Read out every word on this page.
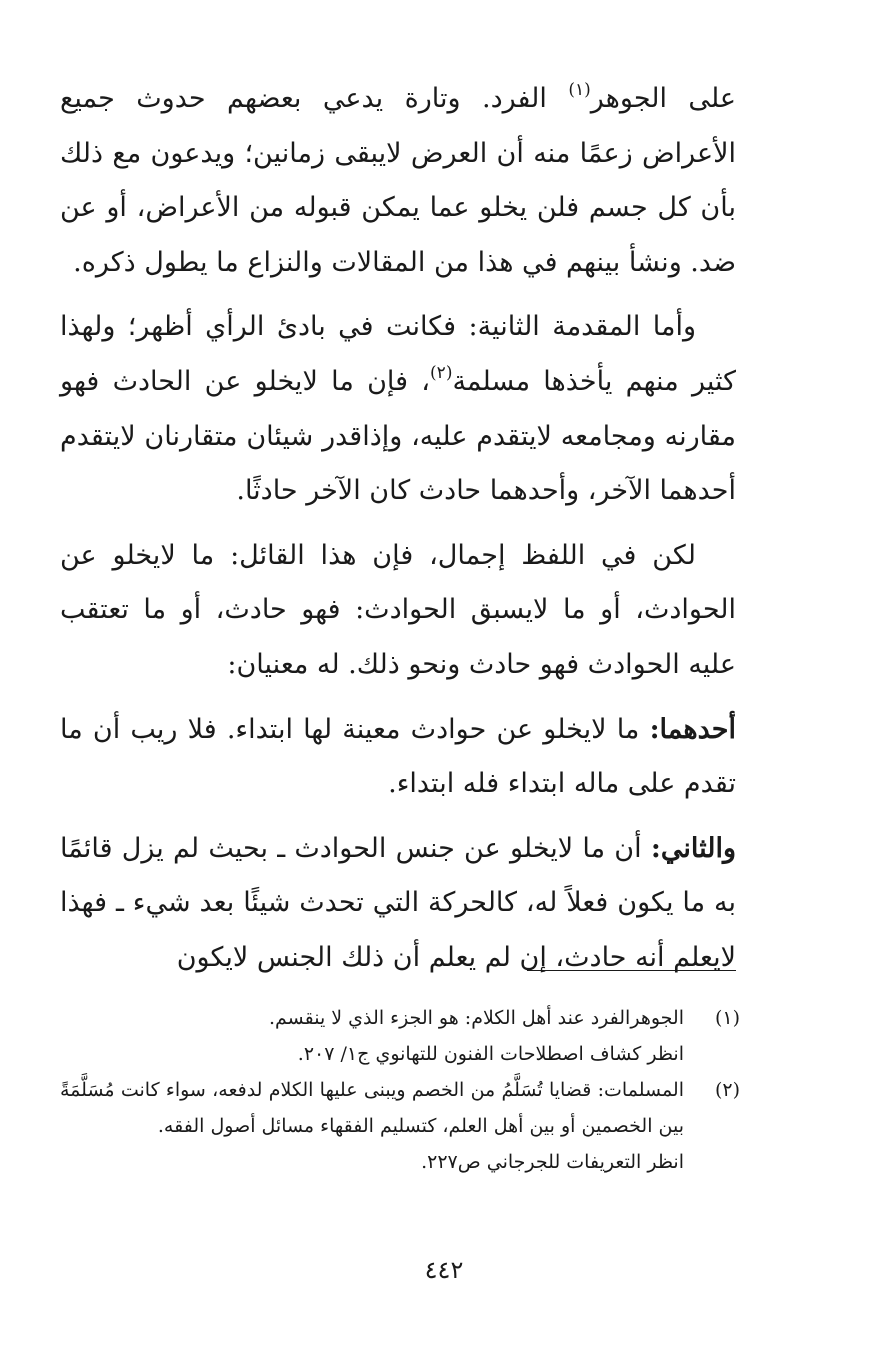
على الجوهر$^{(١)}$ الفرد. وتارة يدعي بعضهم حدوث جميع الأعراض زعمًا منه أن العرض لايبقى زمانين؛ ويدعون مع ذلك بأن كل جسم فلن يخلو عما يمكن قبوله من الأعراض، أو عن ضد. ونشأ بينهم في هذا من المقالات والنزاع ما يطول ذكره.

وأما المقدمة الثانية: فكانت في بادئ الرأي أظهر؛ ولهذا كثير منهم يأخذها مسلمة$^{(٢)}$، فإن ما لايخلو عن الحادث فهو مقارنه ومجامعه لايتقدم عليه، وإذاقدر شيئان متقارنان لايتقدم أحدهما الآخر، وأحدهما حادث كان الآخر حادثًا.

لكن في اللفظ إجمال، فإن هذا القائل: ما لايخلو عن الحوادث، أو ما لايسبق الحوادث: فهو حادث، أو ما تعتقب عليه الحوادث فهو حادث ونحو ذلك. له معنيان:

أحدهما: ما لايخلو عن حوادث معينة لها ابتداء. فلا ريب أن ما تقدم على ماله ابتداء فله ابتداء.

والثاني: أن ما لايخلو عن جنس الحوادث ـ بحيث لم يزل قائمًا به ما يكون فعلاً له، كالحركة التي تحدث شيئًا بعد شيء ـ فهذا لايعلم أنه حادث، إن لم يعلم أن ذلك الجنس لايكون

(١)
الجوهرالفرد عند أهل الكلام: هو الجزء الذي لا ينقسم.
انظر كشاف اصطلاحات الفنون للتهانوي ج١/ ٢٠٧.
(٢)
المسلمات: قضايا تُسَلَّمُ من الخصم ويبنى عليها الكلام لدفعه، سواء كانت مُسَلَّمَةً بين الخصمين أو بين أهل العلم، كتسليم الفقهاء مسائل أصول الفقه.
انظر التعريفات للجرجاني ص٢٢٧.
٤٤٢
